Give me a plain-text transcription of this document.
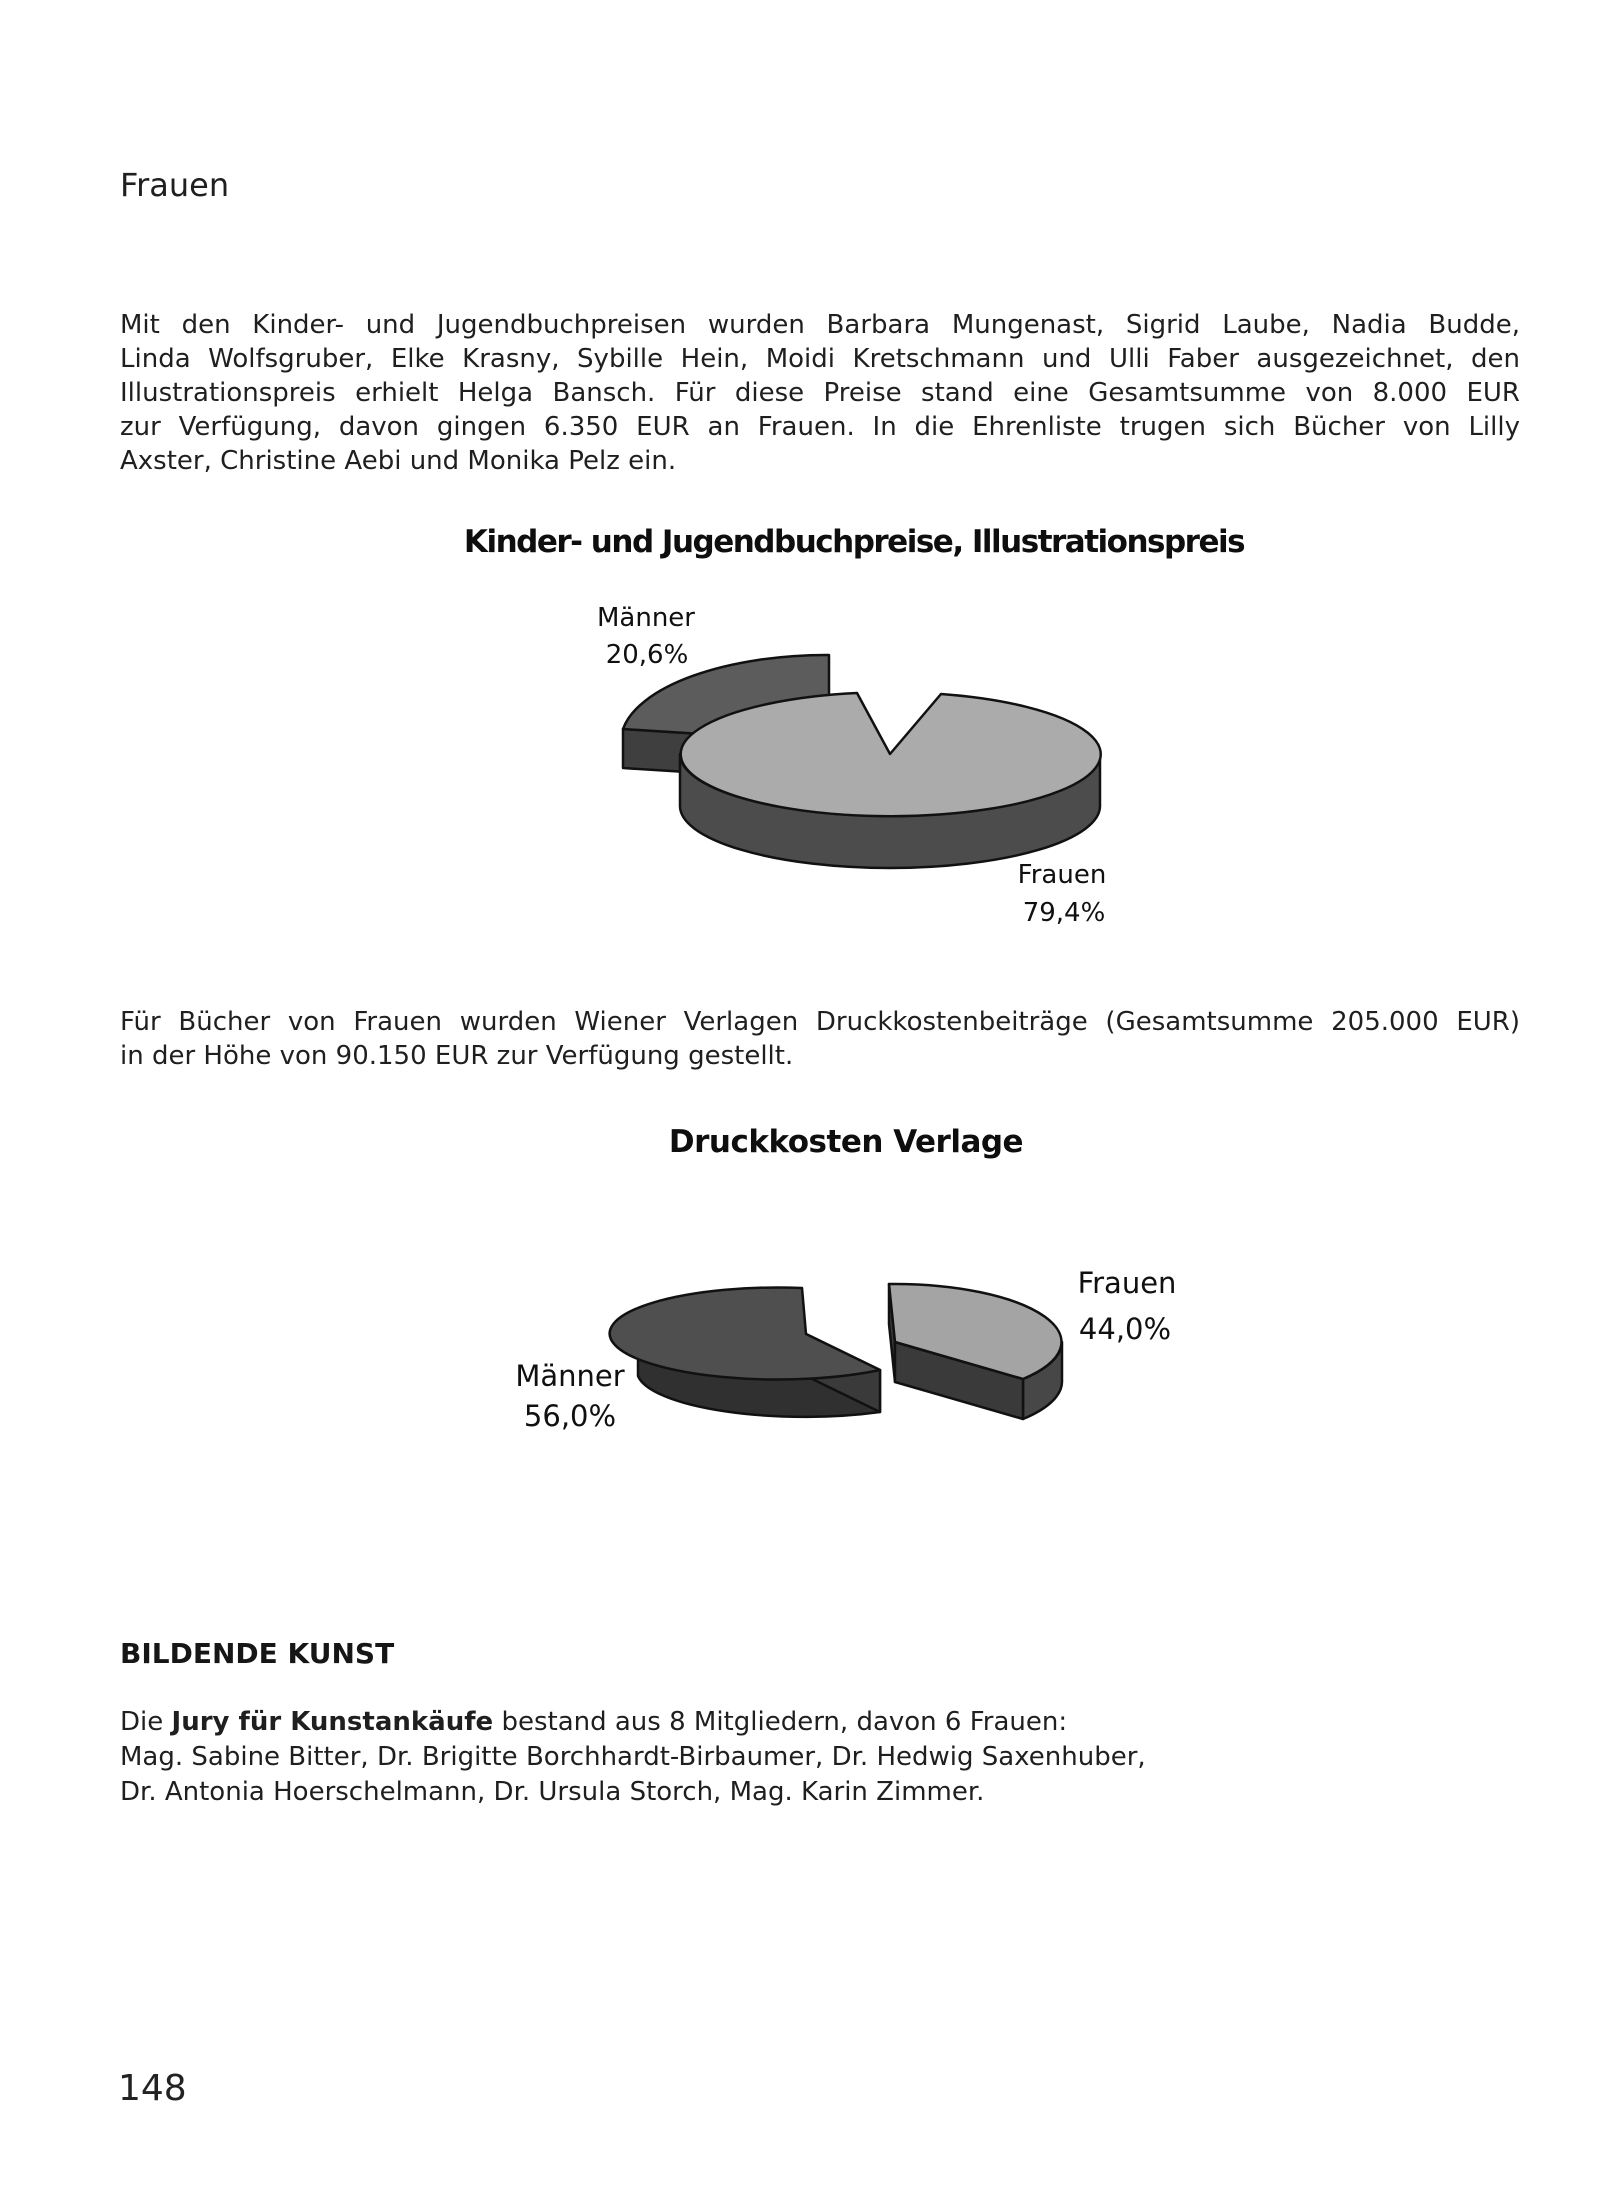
Frauen
Mit den Kinder- und Jugendbuchpreisen wurden Barbara Mungenast, Sigrid Laube, Nadia Budde,
Linda Wolfsgruber, Elke Krasny, Sybille Hein, Moidi Kretschmann und Ulli Faber ausgezeichnet, den
Illustrationspreis erhielt Helga Bansch. Für diese Preise stand eine Gesamtsumme von 8.000 EUR
zur Verfügung, davon gingen 6.350 EUR an Frauen. In die Ehrenliste trugen sich Bücher von Lilly
Axster, Christine Aebi und Monika Pelz ein.
Kinder- und Jugendbuchpreise, Illustrationspreis
Männer
20,6%
Frauen
79,4%
Für Bücher von Frauen wurden Wiener Verlagen Druckkostenbeiträge (Gesamtsumme 205.000 EUR)
in der Höhe von 90.150 EUR zur Verfügung gestellt.
Druckkosten Verlage
Frauen
44,0%
Männer
56,0%
BILDENDE KUNST
Die Jury für Kunstankäufe bestand aus 8 Mitgliedern, davon 6 Frauen:
Mag. Sabine Bitter, Dr. Brigitte Borchhardt-Birbaumer, Dr. Hedwig Saxenhuber,
Dr. Antonia Hoerschelmann, Dr. Ursula Storch, Mag. Karin Zimmer.
148
